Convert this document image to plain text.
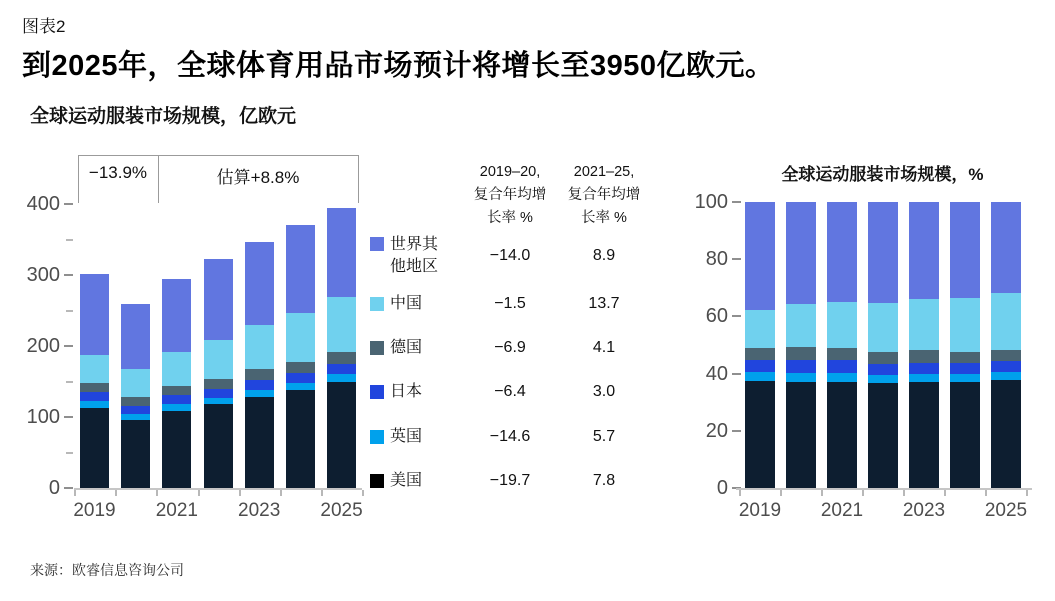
图表2
到2025年，全球体育用品市场预计将增长至3950亿欧元。
全球运动服装市场规模，亿欧元
−13.9%	估算+8.8%	全球运动服装市场规模，%
来源：欧睿信息咨询公司
0
100
200
300
400
2019	2021	2023	2025
0
20
40
60
80
100
2019	2021	2023	2025
世界其他地区
−14.0	8.9
中国	−1.5	13.7
德国	−6.9	4.1
日本	−6.4	3.0
英国	−14.6	5.7
美国	−19.7	7.8
2019–20,
复合年均增
长率 %
2021–25,
复合年均增
长率 %
